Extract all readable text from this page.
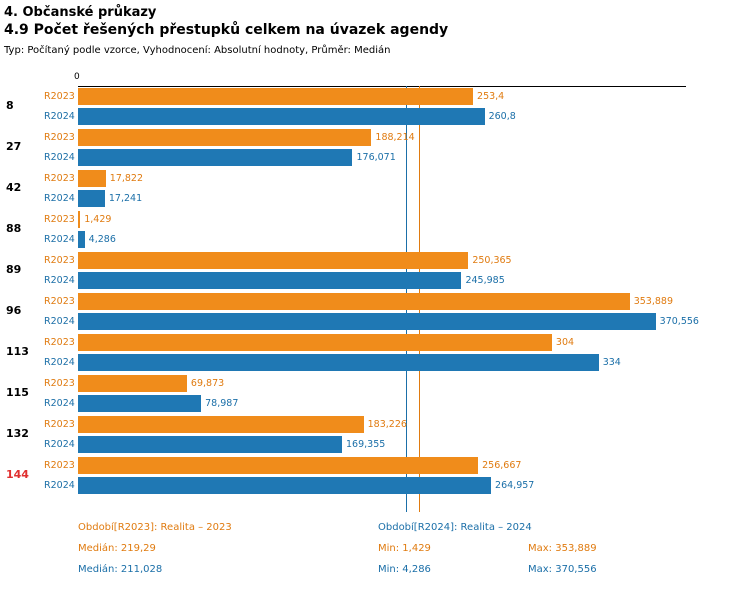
4. Občanské průkazy
4.9 Počet řešených přestupků celkem na úvazek agendy
Typ: Počítaný podle vzorce, Vyhodnocení: Absolutní hodnoty, Průměr: Medián
0
8
R2023	253,4
R2024	260,8
27
R2023	188,214
R2024	176,071
42
R2023	17,822
R2024	17,241
88
R2023 1,429
R2024 4,286
89
R2023	250,365
R2024	245,985
96
R2023	353,889
R2024	370,556
113
R2023	304
R2024	334
115
R2023	69,873
R2024	78,987
132
R2023	183,226
R2024	169,355
144
R2023	256,667
R2024	264,957
Období[R2023]: Realita – 2023	Období[R2024]: Realita – 2024
Medián: 219,29	Min: 1,429	Max: 353,889
Medián: 211,028	Min: 4,286	Max: 370,556
